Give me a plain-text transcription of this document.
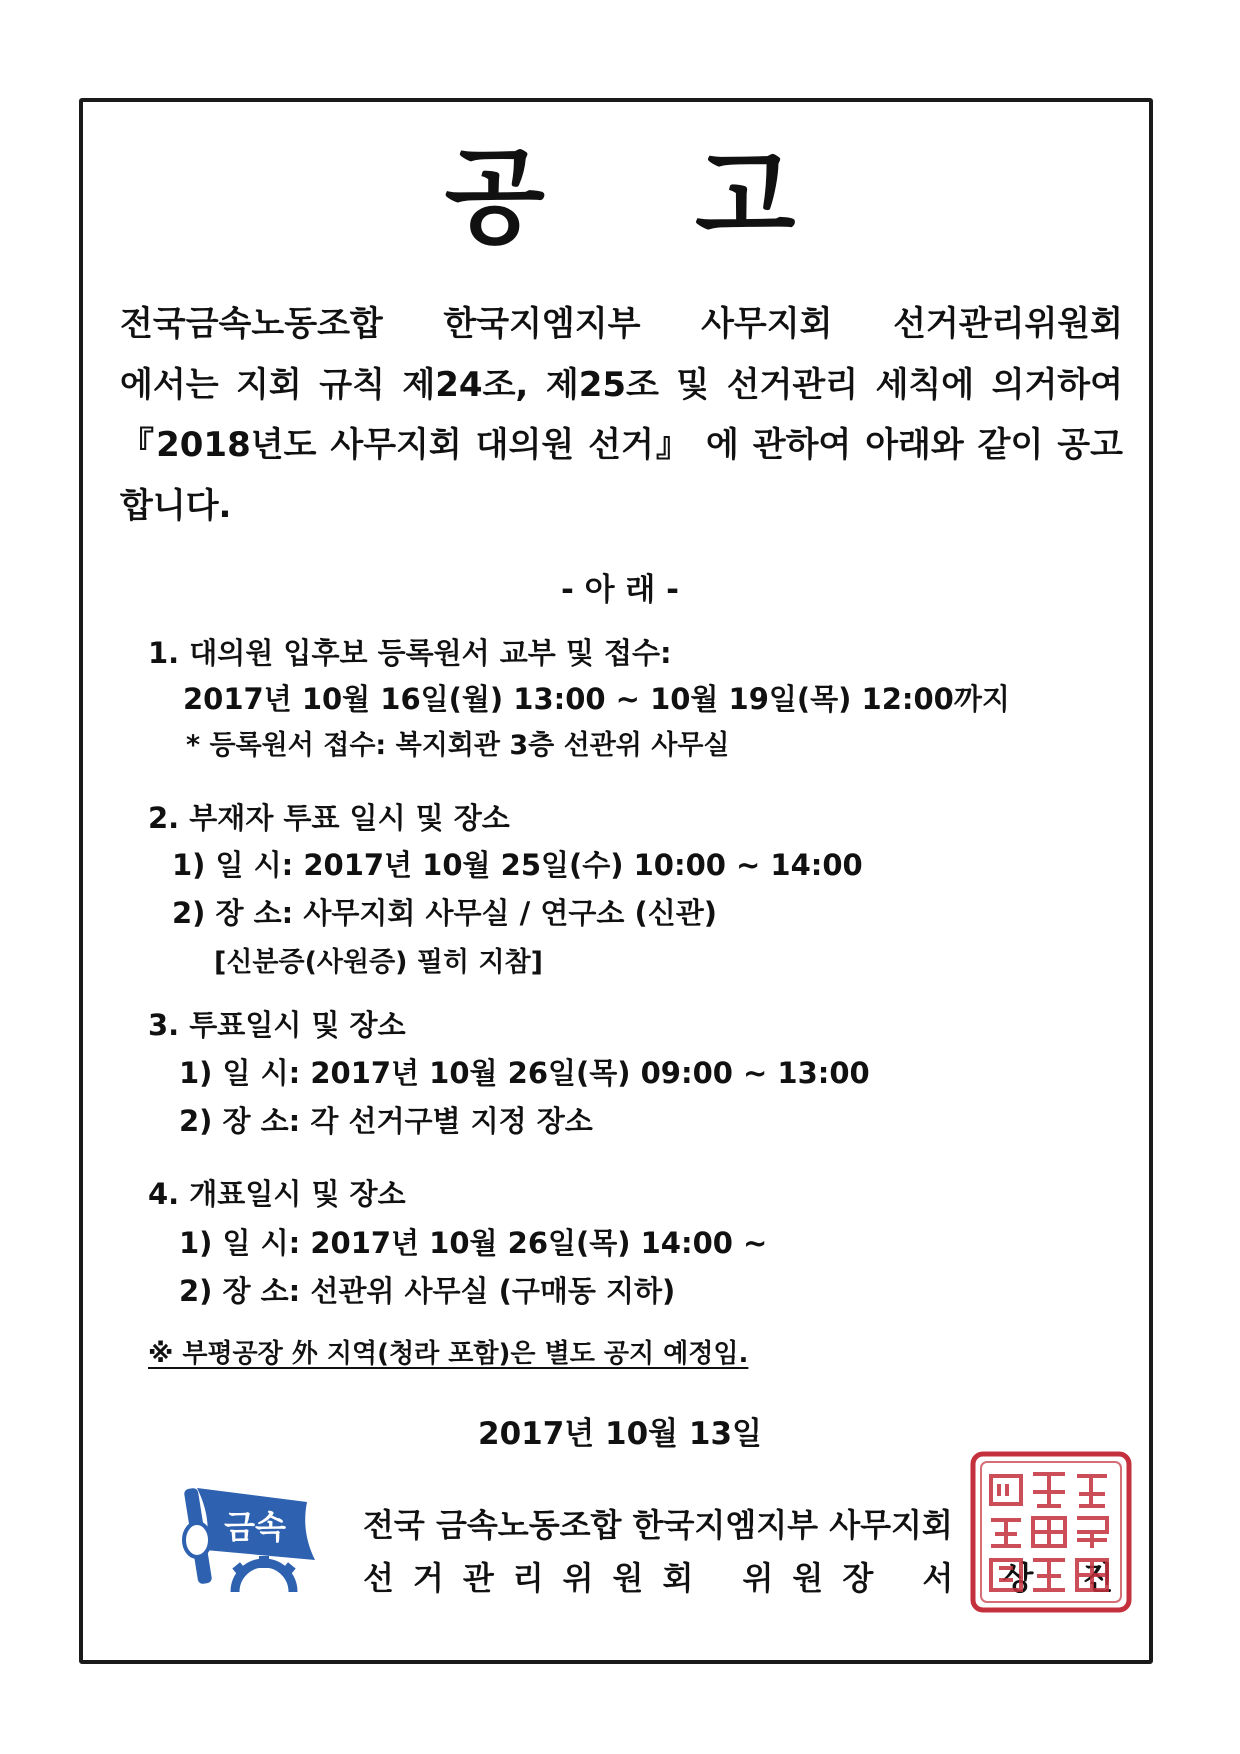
공 고
전국금속노동조합 한국지엠지부 사무지회 선거관리위원회
에서는 지회 규칙 제24조, 제25조 및 선거관리 세칙에 의거하여
『2018년도 사무지회 대의원 선거』 에 관하여 아래와 같이 공고
합니다.
- 아 래 -
1. 대의원 입후보 등록원서 교부 및 접수:
2017년 10월 16일(월) 13:00 ~ 10월 19일(목) 12:00까지
* 등록원서 접수: 복지회관 3층 선관위 사무실
2. 부재자 투표 일시 및 장소
1) 일 시: 2017년 10월 25일(수) 10:00 ~ 14:00
2) 장 소: 사무지회 사무실 / 연구소 (신관)
[신분증(사원증) 필히 지참]
3. 투표일시 및 장소
1) 일 시: 2017년 10월 26일(목) 09:00 ~ 13:00
2) 장 소: 각 선거구별 지정 장소
4. 개표일시 및 장소
1) 일 시: 2017년 10월 26일(목) 14:00 ~
2) 장 소: 선관위 사무실 (구매동 지하)
※ 부평공장 外 지역(청라 포함)은 별도 공지 예정임.
2017년 10월 13일
금속 전국 금속노동조합 한국지엠지부 사무지회
선거관리위원회 위원장 서 상 진
